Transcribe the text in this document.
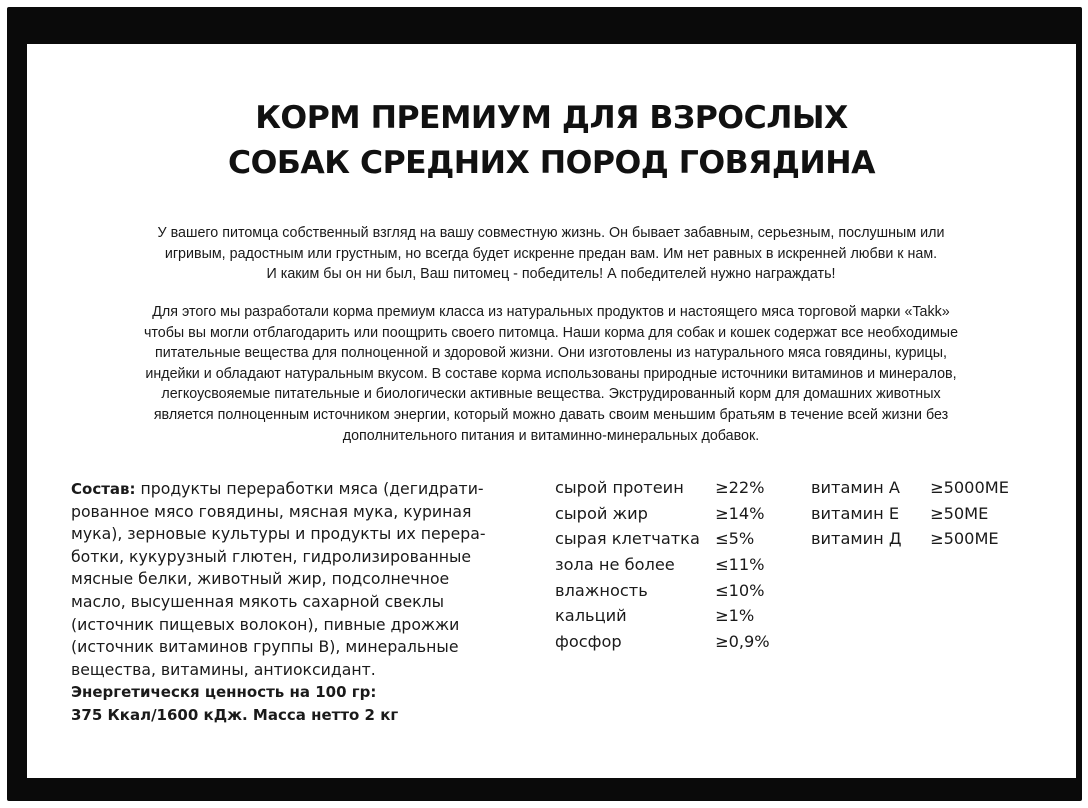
КОРМ ПРЕМИУМ ДЛЯ ВЗРОСЛЫХ
СОБАК СРЕДНИХ ПОРОД ГОВЯДИНА
У вашего питомца собственный взгляд на вашу совместную жизнь. Он бывает забавным, серьезным, послушным или
игривым, радостным или грустным, но всегда будет искренне предан вам. Им нет равных в искренней любви к нам.
И каким бы он ни был, Ваш питомец - победитель! А победителей нужно награждать!
Для этого мы разработали корма премиум класса из натуральных продуктов и настоящего мяса торговой марки «Takk»
чтобы вы могли отблагодарить или поощрить своего питомца. Наши корма для собак и кошек содержат все необходимые
питательные вещества для полноценной и здоровой жизни. Они изготовлены из натурального мяса говядины, курицы,
индейки и обладают натуральным вкусом. В составе корма использованы природные источники витаминов и минералов,
легкоусвояемые питательные и биологически активные вещества. Экструдированный корм для домашних животных
является полноценным источником энергии, который можно давать своим меньшим братьям в течение всей жизни без
дополнительного питания и витаминно-минеральных добавок.
Состав: продукты переработки мяса (дегидрати-
рованное мясо говядины, мясная мука, куриная
мука), зерновые культуры и продукты их перера-
ботки, кукурузный глютен, гидролизированные
мясные белки, животный жир, подсолнечное
масло, высушенная мякоть сахарной свеклы
(источник пищевых волокон), пивные дрожжи
(источник витаминов группы В), минеральные
вещества, витамины, антиоксидант.
Энергетическя ценность на 100 гр:
375 Ккал/1600 кДж. Масса нетто 2 кг
сырой протеин ≥22%
сырой жир	≥14%
сырая клетчатка ≤5%
зола не более ≤11%
влажность	≤10%
кальций	≥1%
фосфор	≥0,9%
витамин А ≥5000МЕ
витамин Е ≥50МЕ
витамин Д ≥500МЕ
